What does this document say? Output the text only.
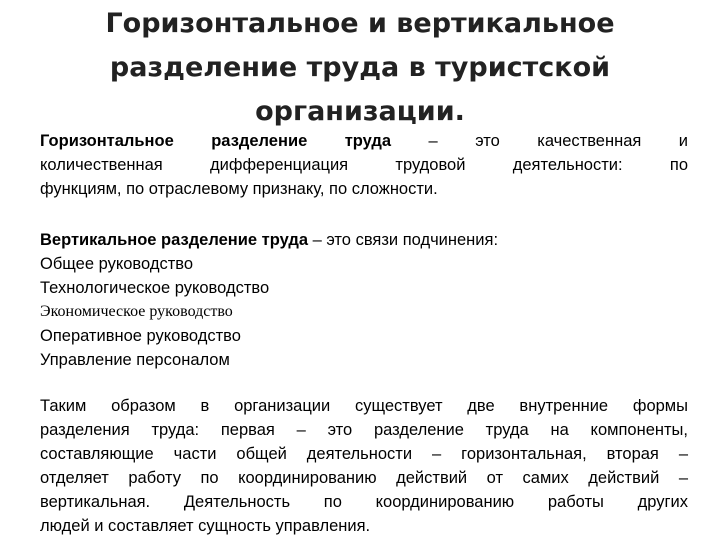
Горизонтальное и вертикальное
разделение труда в туристской
организации.
Горизонтальное разделение труда – это качественная и
количественная дифференциация трудовой деятельности: по
функциям, по отраслевому признаку, по сложности.
Вертикальное разделение труда – это связи подчинения:
Общее руководство
Технологическое руководство
Экономическое руководство
Оперативное руководство
Управление персоналом
Таким образом в организации существует две внутренние формы
разделения труда: первая – это разделение труда на компоненты,
составляющие части общей деятельности – горизонтальная, вторая –
отделяет работу по координированию действий от самих действий –
вертикальная. Деятельность по координированию работы других
людей и составляет сущность управления.
